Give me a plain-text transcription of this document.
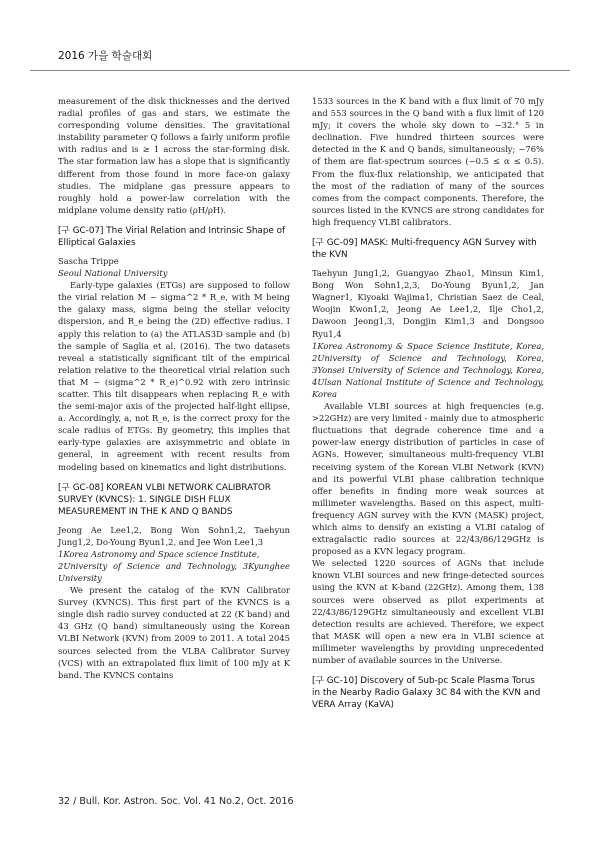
2016 가을 학술대회

measurement of the disk thicknesses and the derived radial profiles of gas and stars, we estimate the corresponding volume densities. The gravitational instability parameter Q follows a fairly uniform profile with radius and is ≥ 1 across the star-forming disk. The star formation law has a slope that is significantly different from those found in more face-on galaxy studies. The midplane gas pressure appears to roughly hold a power-law correlation with the midplane volume density ratio (ρH/ρH).

[구 GC-07] The Virial Relation and Intrinsic Shape of Elliptical Galaxies

Sascha Trippe

Seoul National University

Early-type galaxies (ETGs) are supposed to follow the virial relation M ~ sigma^2 * R_e, with M being the galaxy mass, sigma being the stellar velocity dispersion, and R_e being the (2D) effective radius. I apply this relation to (a) the ATLAS3D sample and (b) the sample of Saglia et al. (2016). The two datasets reveal a statistically significant tilt of the empirical relation relative to the theoretical virial relation such that M ~ (sigma^2 * R_e)^0.92 with zero intrinsic scatter. This tilt disappears when replacing R_e with the semi-major axis of the projected half-light ellipse, a. Accordingly, a, not R_e, is the correct proxy for the scale radius of ETGs. By geometry, this implies that early-type galaxies are axisymmetric and oblate in general, in agreement with recent results from modeling based on kinematics and light distributions.

[구 GC-08] KOREAN VLBI NETWORK CALIBRATOR SURVEY (KVNCS): 1. SINGLE DISH FLUX MEASUREMENT IN THE K AND Q BANDS

Jeong Ae Lee1,2, Bong Won Sohn1,2, Taehyun Jung1,2, Do-Young Byun1,2, and Jee Won Lee1,3

1Korea Astronomy and Space science Institute,

2University of Science and Technology, 3Kyunghee University

We present the catalog of the KVN Calibrator Survey (KVNCS). This first part of the KVNCS is a single dish radio survey conducted at 22 (K band) and 43 GHz (Q band) simultaneously using the Korean VLBI Network (KVN) from 2009 to 2011. A total 2045 sources selected from the VLBA Calibrator Survey (VCS) with an extrapolated flux limit of 100 mJy at K band. The KVNCS contains

1533 sources in the K band with a flux limit of 70 mJy and 553 sources in the Q band with a flux limit of 120 mJy; it covers the whole sky down to −32.° 5 in declination. Five hundred thirteen sources were detected in the K and Q bands, simultaneously; ~76% of them are flat-spectrum sources (−0.5 ≤ α ≤ 0.5). From the flux-flux relationship, we anticipated that the most of the radiation of many of the sources comes from the compact components. Therefore, the sources listed in the KVNCS are strong candidates for high frequency VLBI calibrators.

[구 GC-09] MASK: Multi-frequency AGN Survey with the KVN

Taehyun Jung1,2, Guangyao Zhao1, Minsun Kim1, Bong Won Sohn1,2,3, Do-Young Byun1,2, Jan Wagner1, Kiyoaki Wajima1, Christian Saez de Ceal, Woojin Kwon1,2, Jeong Ae Lee1,2, Ilje Cho1,2, Dawoon Jeong1,3, Dongjin Kim1,3 and Dongsoo Ryu1,4

1Korea Astronomy & Space Science Institute, Korea, 2University of Science and Technology, Korea, 3Yonsei University of Science and Technology, Korea, 4Ulsan National Institute of Science and Technology, Korea

Available VLBI sources at high frequencies (e.g. >22GHz) are very limited - mainly due to atmospheric fluctuations that degrade coherence time and a power-law energy distribution of particles in case of AGNs. However, simultaneous multi-frequency VLBI receiving system of the Korean VLBI Network (KVN) and its powerful VLBI phase calibration technique offer benefits in finding more weak sources at millimeter wavelengths. Based on this aspect, multi-frequency AGN survey with the KVN (MASK) project, which aims to densify an existing a VLBI catalog of extragalactic radio sources at 22/43/86/129GHz is proposed as a KVN legacy program.

We selected 1220 sources of AGNs that include known VLBI sources and new fringe-detected sources using the KVN at K-band (22GHz). Among them, 138 sources were observed as pilot experiments at 22/43/86/129GHz simultaneously and excellent VLBI detection results are achieved. Therefore, we expect that MASK will open a new era in VLBI science at millimeter wavelengths by providing unprecedented number of available sources in the Universe.

[구 GC-10] Discovery of Sub-pc Scale Plasma Torus in the Nearby Radio Galaxy 3C 84 with the KVN and VERA Array (KaVA)
32 / Bull. Kor. Astron. Soc. Vol. 41 No.2, Oct. 2016
